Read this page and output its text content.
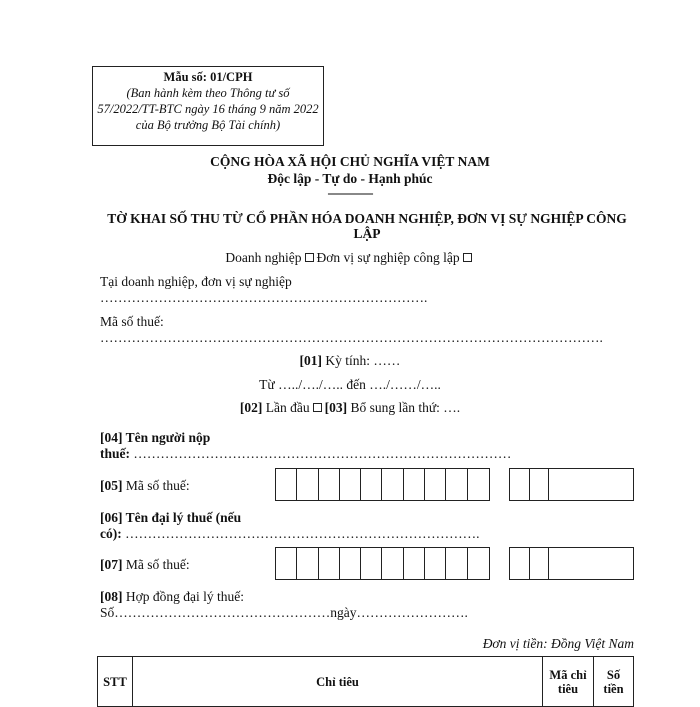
Mẫu số: 01/CPH
(Ban hành kèm theo Thông tư số 57/2022/TT-BTC ngày 16 tháng 9 năm 2022 của Bộ trưởng Bộ Tài chính)
CỘNG HÒA XÃ HỘI CHỦ NGHĨA VIỆT NAM
Độc lập - Tự do - Hạnh phúc
---------------
TỜ KHAI SỐ THU TỪ CỔ PHẦN HÓA DOANH NGHIỆP, ĐƠN VỊ SỰ NGHIỆP CÔNG LẬP
Doanh nghiệp Đơn vị sự nghiệp công lập
Tại doanh nghiệp, đơn vị sự nghiệp
……………………………………………………………….
Mã số thuế:
………………………………………………………………………………………………….
[01] Kỳ tính: ……
Từ …../…./….. đến …./……/…..
[02] Lần đầu [03] Bổ sung lần thứ: ….
[04] Tên người nộp
thuế: …………………………………………………………………………
[05] Mã số thuế:
[06] Tên đại lý thuế (nếu
có): …………………………………………………………………….
[07] Mã số thuế:
[08] Hợp đồng đại lý thuế:
Số…………………………………………ngày…………………….
Đơn vị tiền: Đồng Việt Nam
STT	Chỉ tiêu	Mã chỉ
tiêu	Số
tiền
